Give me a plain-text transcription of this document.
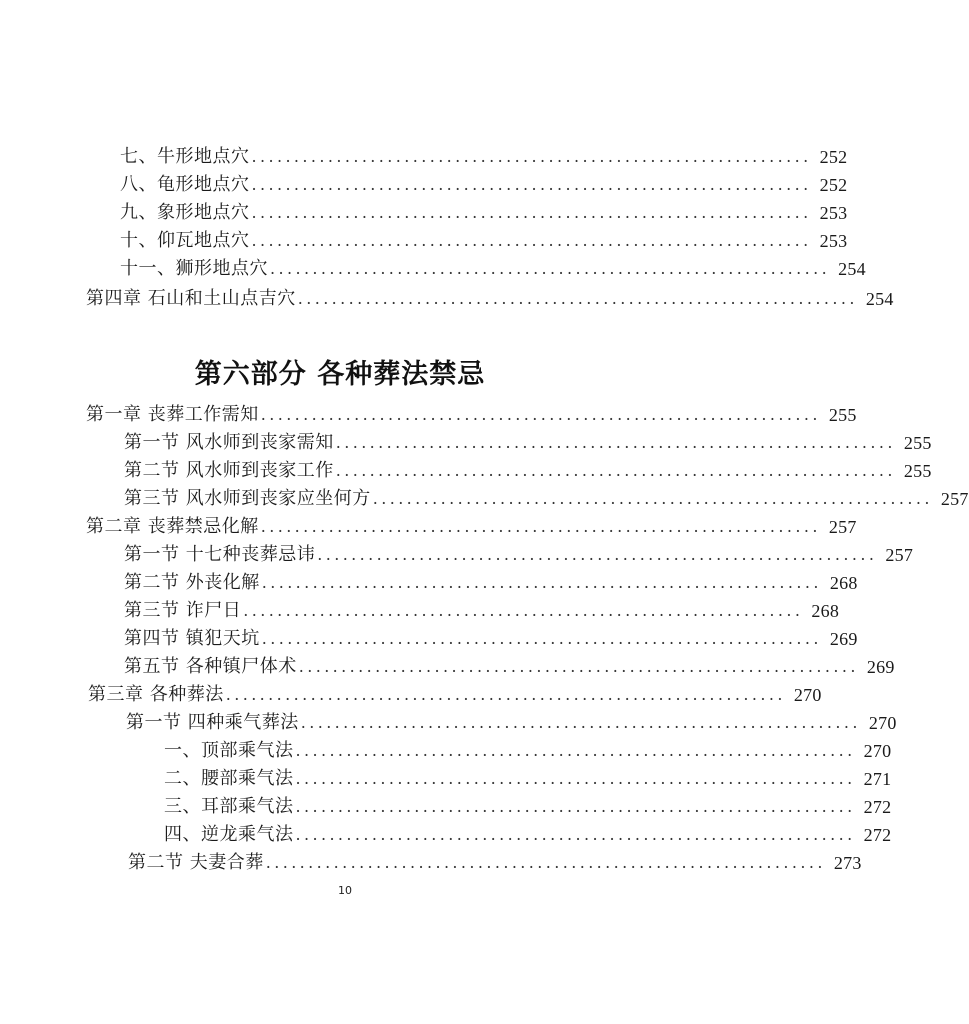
七、牛形地点穴 .................................................................. 252
八、龟形地点穴 .................................................................. 252
九、象形地点穴 .................................................................. 253
十、仰瓦地点穴 .................................................................. 253
十一、狮形地点穴 .................................................................. 254
第四章 石山和土山点吉穴 .................................................................. 254
第六部分 各种葬法禁忌
第一章 丧葬工作需知 .................................................................. 255
第一节 风水师到丧家需知 .................................................................. 255
第二节 风水师到丧家工作 .................................................................. 255
第三节 风水师到丧家应坐何方 .................................................................. 257
第二章 丧葬禁忌化解 .................................................................. 257
第一节 十七种丧葬忌讳 .................................................................. 257
第二节 外丧化解 .................................................................. 268
第三节 诈尸日 .................................................................. 268
第四节 镇犯天坑 .................................................................. 269
第五节 各种镇尸体术 .................................................................. 269
第三章 各种葬法 .................................................................. 270
第一节 四种乘气葬法 .................................................................. 270
一、顶部乘气法 .................................................................. 270
二、腰部乘气法 .................................................................. 271
三、耳部乘气法 .................................................................. 272
四、逆龙乘气法 .................................................................. 272
第二节 夫妻合葬 .................................................................. 273
10
